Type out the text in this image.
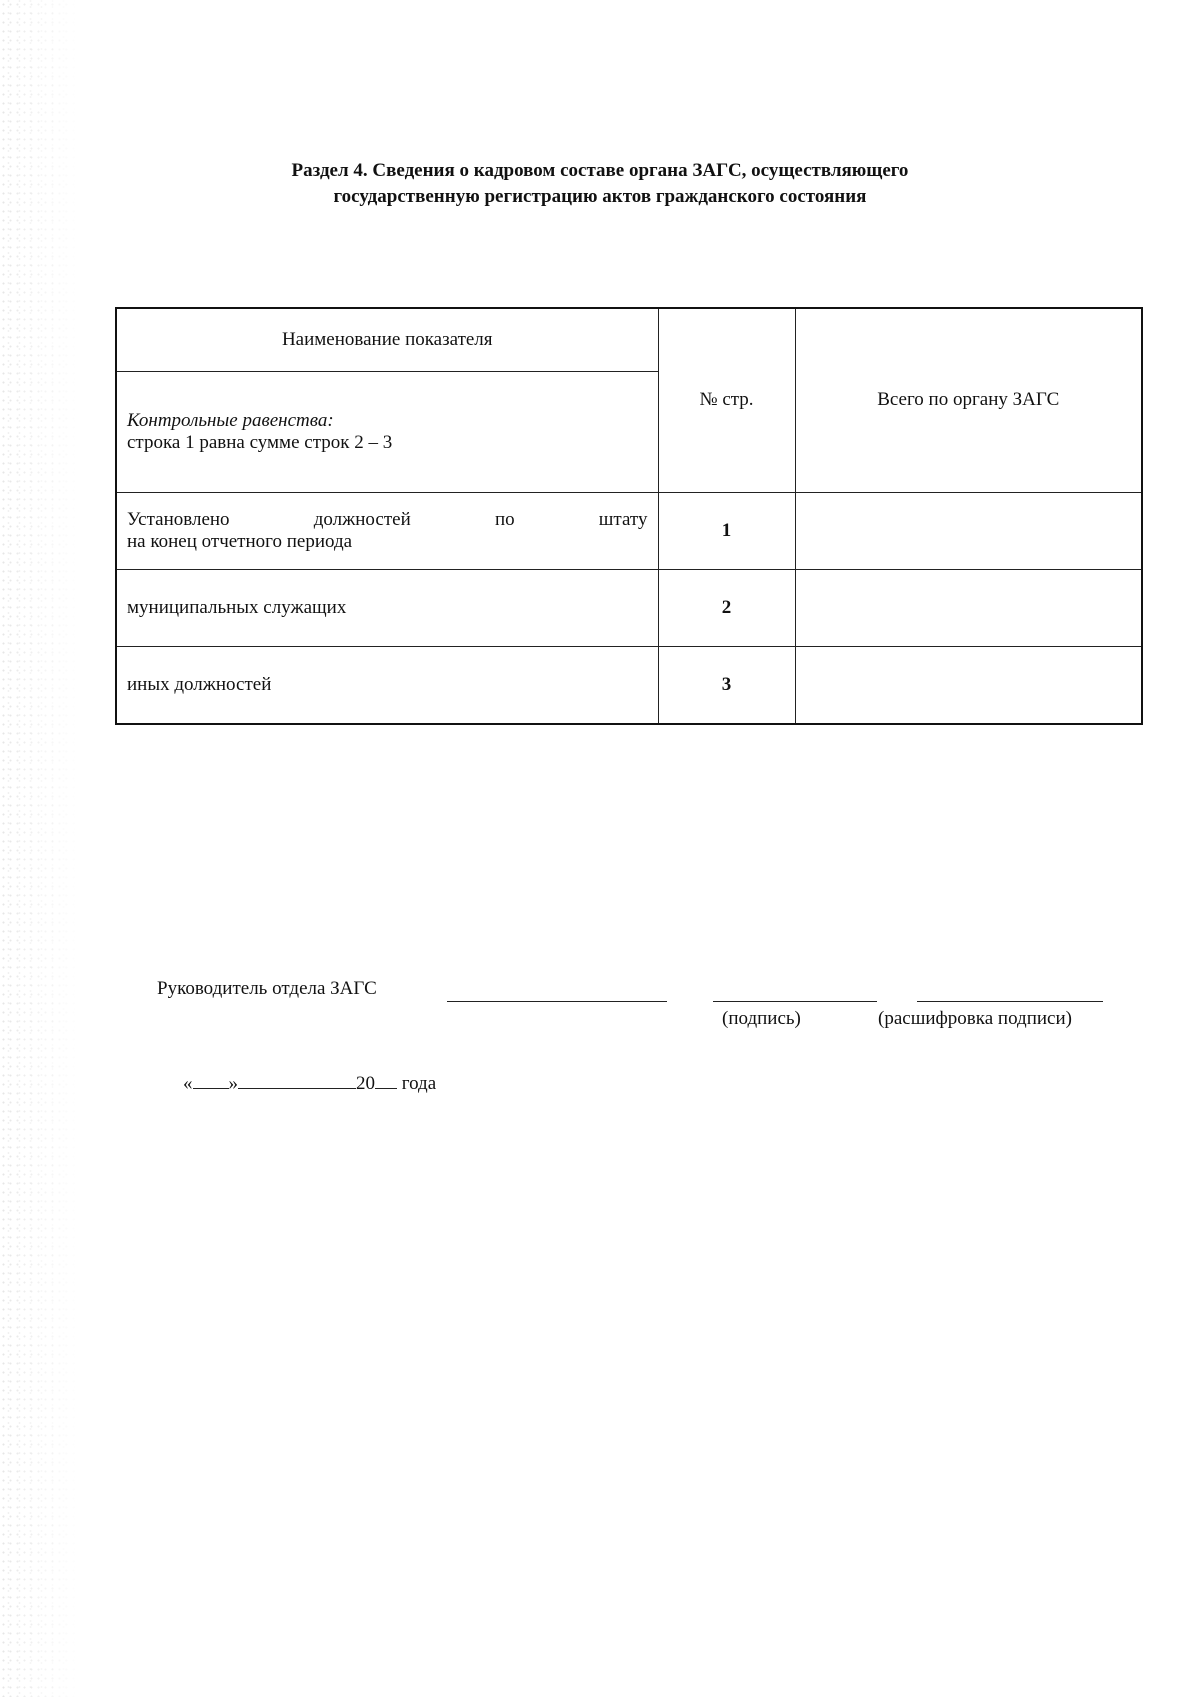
Раздел 4. Сведения о кадровом составе органа ЗАГС, осуществляющего
государственную регистрацию актов гражданского состояния
Наименование показателя	№ стр.	Всего по органу ЗАГС

Контрольные равенства:
строка 1 равна сумме строк 2 – 3		

Установлено должностей по штату
на конец отчетного периода	1	
муниципальных служащих	2	
иных должностей	3	
Руководитель отдела ЗАГС
(подпись)	(расшифровка подписи)
« »	20 года
